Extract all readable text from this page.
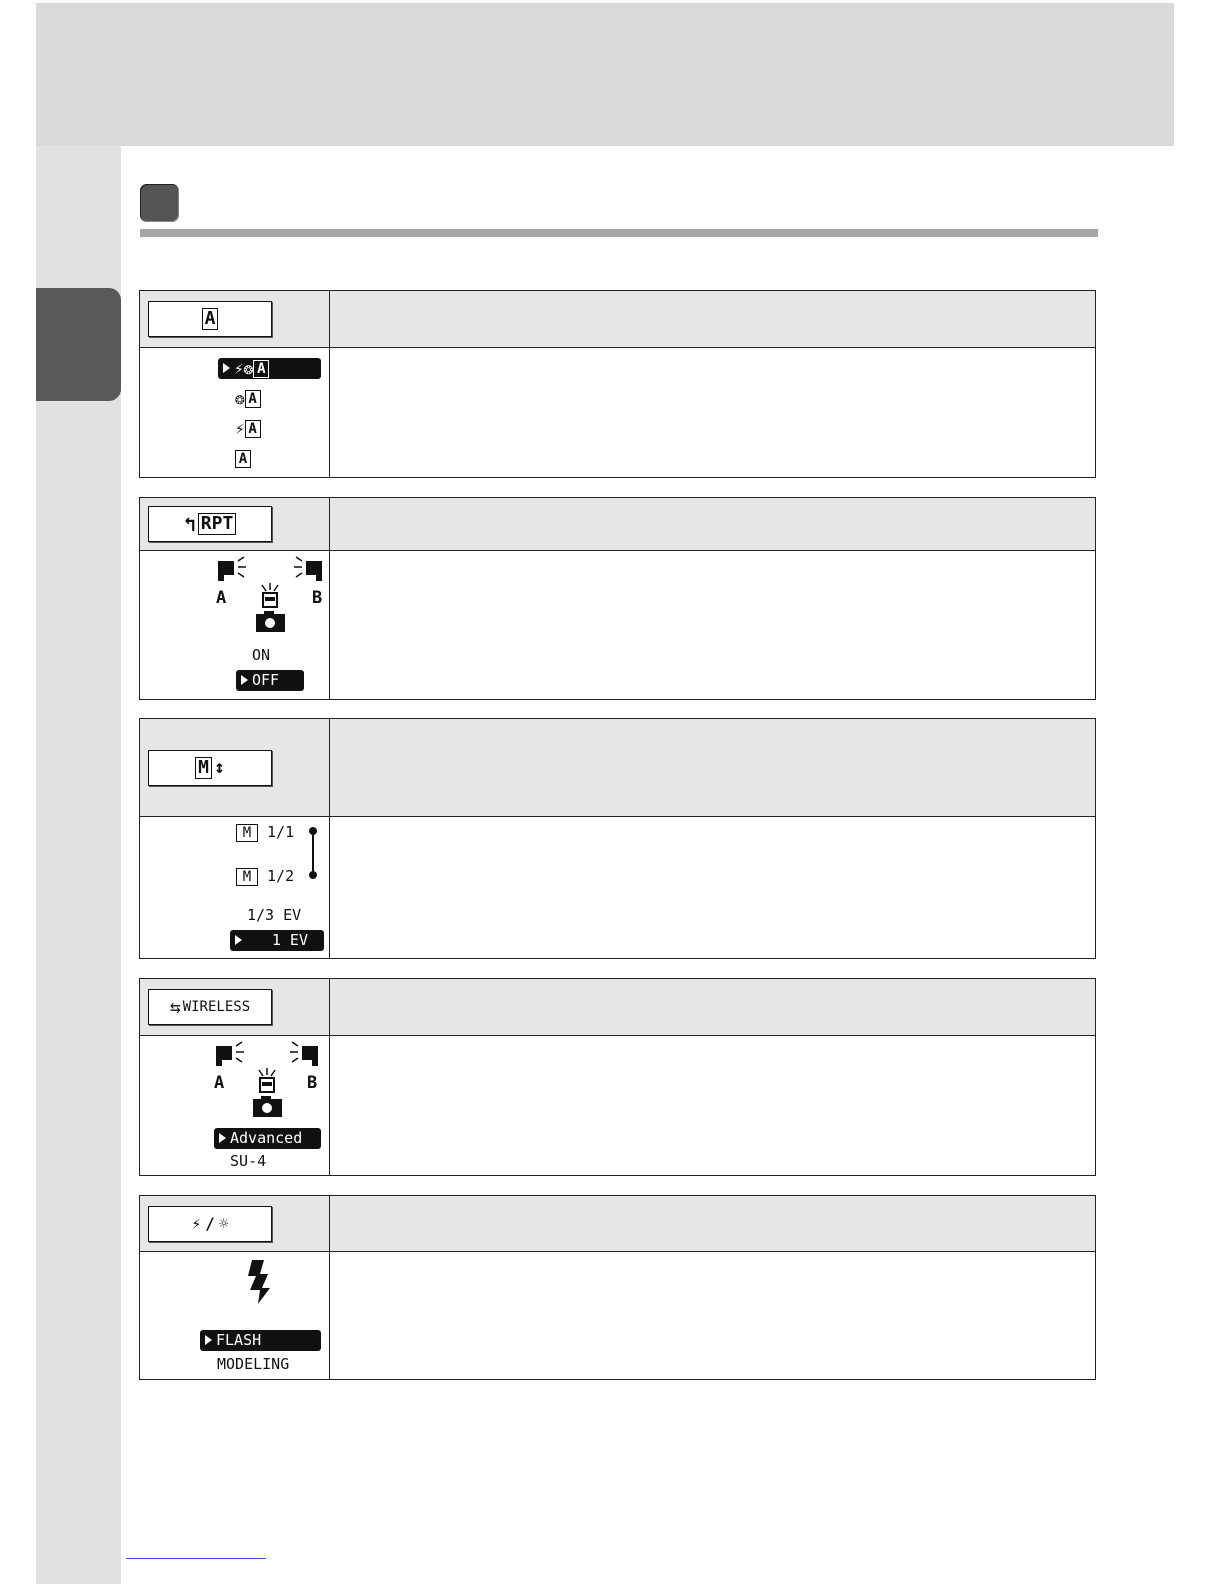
A
⚡❂ A
❂ A
⚡ A
A
↰ RPT
A	B
ON
OFF
M ↕
M 1/1
M 1/2
1/3 EV
1 EV
⇆ WIRELESS
A	B
Advanced
SU-4
⚡ / ☼
FLASH
MODELING
